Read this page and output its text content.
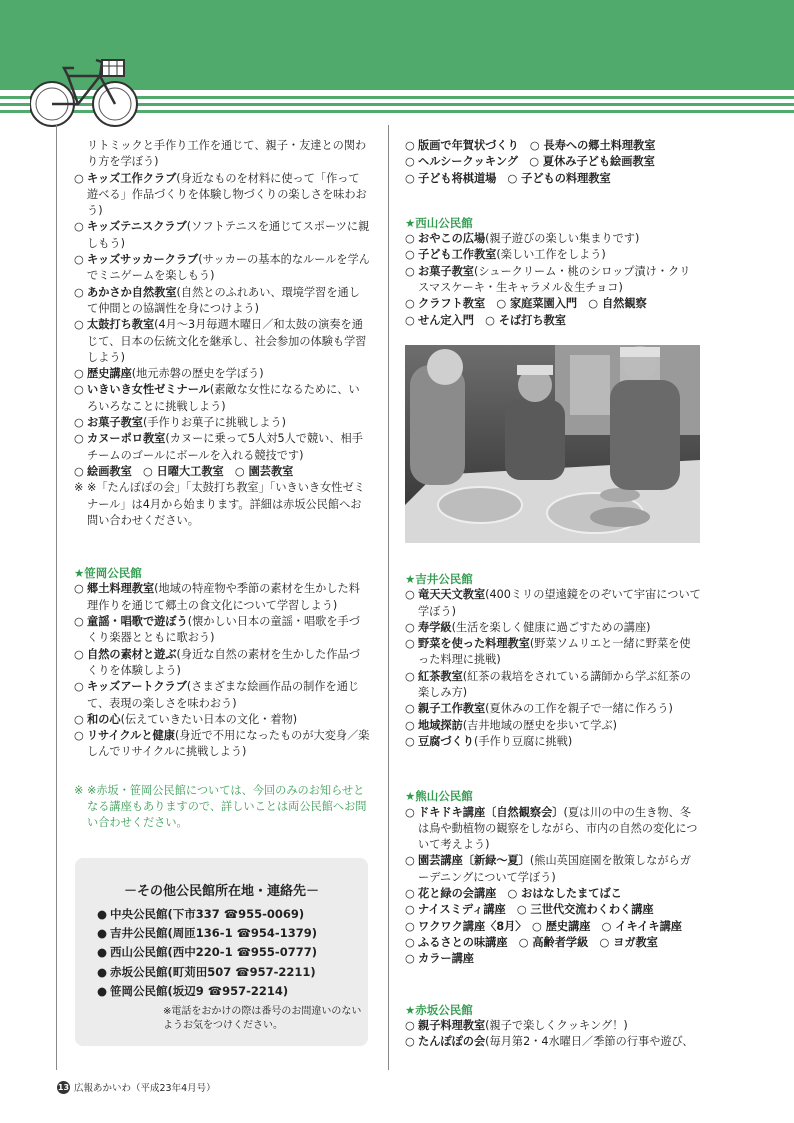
リトミックと手作り工作を通じて、親子・友達との関わり方を学ぼう)
○ キッズ工作クラブ(身近なものを材料に使って「作って遊べる」作品づくりを体験し物づくりの楽しさを味わおう)
○ キッズテニスクラブ(ソフトテニスを通じてスポーツに親しもう)
○ キッズサッカークラブ(サッカーの基本的なルールを学んでミニゲームを楽しもう)
○ あかさか自然教室(自然とのふれあい、環境学習を通して仲間との協調性を身につけよう)
○ 太鼓打ち教室(4月～3月毎週木曜日／和太鼓の演奏を通じて、日本の伝統文化を継承し、社会参加の体験も学習しよう)
○ 歴史講座(地元赤磐の歴史を学ぼう)
○ いきいき女性ゼミナール(素敵な女性になるために、いろいろなことに挑戦しよう)
○ お菓子教室(手作りお菓子に挑戦しよう)
○ カヌーポロ教室(カヌーに乗って5人対5人で競い、相手チームのゴールにボールを入れる競技です)
○ 絵画教室　○ 日曜大工教室　○ 園芸教室
※ ※「たんぽぽの会」「太鼓打ち教室」「いきいき女性ゼミナール」は4月から始まります。詳細は赤坂公民館へお問い合わせください。
★笹岡公民館
○ 郷土料理教室(地域の特産物や季節の素材を生かした料理作りを通じて郷土の食文化について学習しよう)
○ 童謡・唱歌で遊ぼう(懐かしい日本の童謡・唱歌を手づくり楽器とともに歌おう)
○ 自然の素材と遊ぶ(身近な自然の素材を生かした作品づくりを体験しよう)
○ キッズアートクラブ(さまざまな絵画作品の制作を通じて、表現の楽しさを味わおう)
○ 和の心(伝えていきたい日本の文化・着物)
○ リサイクルと健康(身近で不用になったものが大変身／楽しんでリサイクルに挑戦しよう)
※ ※赤坂・笹岡公民館については、今回のみのお知らせとなる講座もありますので、詳しいことは両公民館へお問い合わせください。
－その他公民館所在地・連絡先－
● 中央公民館(下市337 ☎955-0069)
● 吉井公民館(周匝136-1 ☎954-1379)
● 西山公民館(西中220-1 ☎955-0777)
● 赤坂公民館(町苅田507 ☎957-2211)
● 笹岡公民館(坂辺9 ☎957-2214)
※電話をおかけの際は番号のお間違いのないようお気をつけください。
○ 版画で年賀状づくり　○ 長寿への郷土料理教室
○ ヘルシークッキング　○ 夏休み子ども絵画教室
○ 子ども将棋道場　○ 子どもの料理教室
★西山公民館
○ おやこの広場(親子遊びの楽しい集まりです)
○ 子ども工作教室(楽しい工作をしよう)
○ お菓子教室(シュークリーム・桃のシロップ漬け・クリスマスケーキ・生キャラメル＆生チョコ)
○ クラフト教室　○ 家庭菜園入門　○ 自然観察
○ せん定入門　○ そば打ち教室
★吉井公民館
○ 竜天天文教室(400ミリの望遠鏡をのぞいて宇宙について学ぼう)
○ 寿学級(生活を楽しく健康に過ごすための講座)
○ 野菜を使った料理教室(野菜ソムリエと一緒に野菜を使った料理に挑戦)
○ 紅茶教室(紅茶の栽培をされている講師から学ぶ紅茶の楽しみ方)
○ 親子工作教室(夏休みの工作を親子で一緒に作ろう)
○ 地域探訪(吉井地域の歴史を歩いて学ぶ)
○ 豆腐づくり(手作り豆腐に挑戦)
★熊山公民館
○ ドキドキ講座〔自然観察会〕(夏は川の中の生き物、冬は鳥や動植物の観察をしながら、市内の自然の変化について考えよう)
○ 園芸講座〔新緑～夏〕(熊山英国庭園を散策しながらガーデニングについて学ぼう)
○ 花と緑の会講座　○ おはなしたまてばこ
○ ナイスミディ講座　○ 三世代交流わくわく講座
○ ワクワク講座〈8月〉　○ 歴史講座　○ イキイキ講座
○ ふるさとの味講座　○ 高齢者学級　○ ヨガ教室
○ カラー講座
★赤坂公民館
○ 親子料理教室(親子で楽しくクッキング！)
○ たんぽぽの会(毎月第2・4水曜日／季節の行事や遊び、
13 広報あかいわ（平成23年4月号）
